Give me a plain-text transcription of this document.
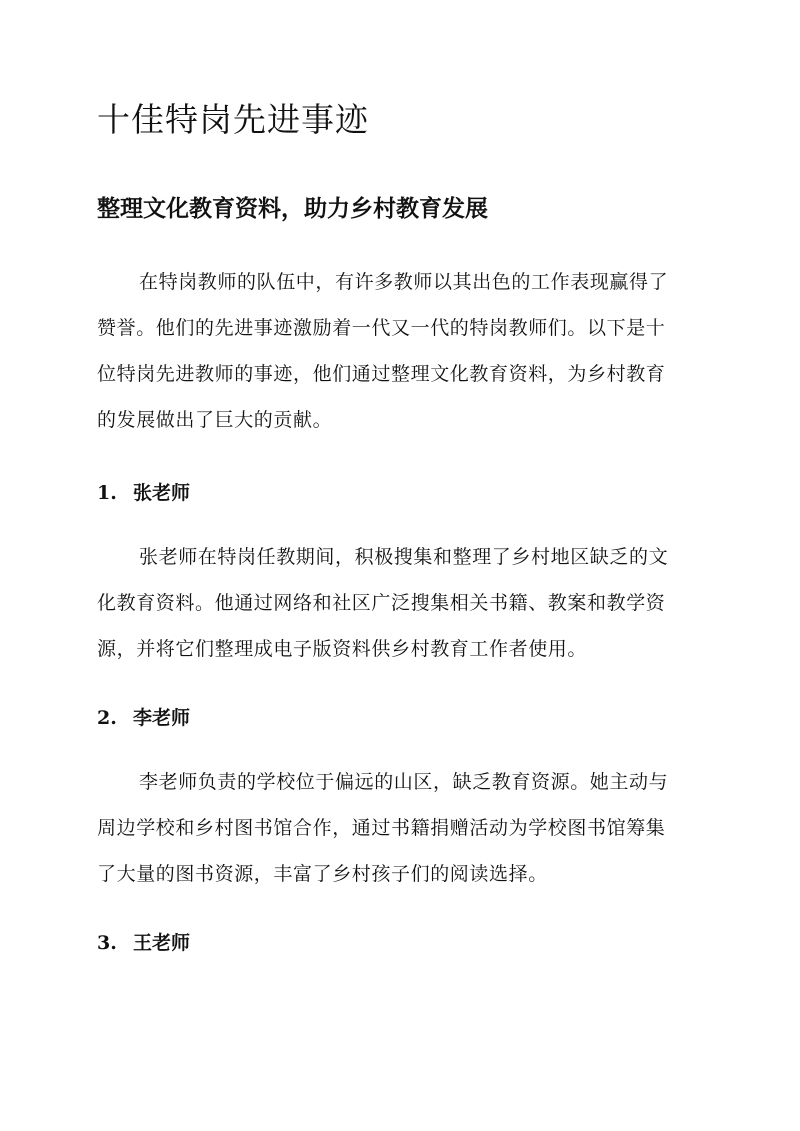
十佳特岗先进事迹
整理文化教育资料，助力乡村教育发展
在特岗教师的队伍中，有许多教师以其出色的工作表现赢得了
赞誉。他们的先进事迹激励着一代又一代的特岗教师们。以下是十
位特岗先进教师的事迹，他们通过整理文化教育资料，为乡村教育
的发展做出了巨大的贡献。
1. 张老师
张老师在特岗任教期间，积极搜集和整理了乡村地区缺乏的文
化教育资料。他通过网络和社区广泛搜集相关书籍、教案和教学资
源，并将它们整理成电子版资料供乡村教育工作者使用。
2. 李老师
李老师负责的学校位于偏远的山区，缺乏教育资源。她主动与
周边学校和乡村图书馆合作，通过书籍捐赠活动为学校图书馆筹集
了大量的图书资源，丰富了乡村孩子们的阅读选择。
3. 王老师
